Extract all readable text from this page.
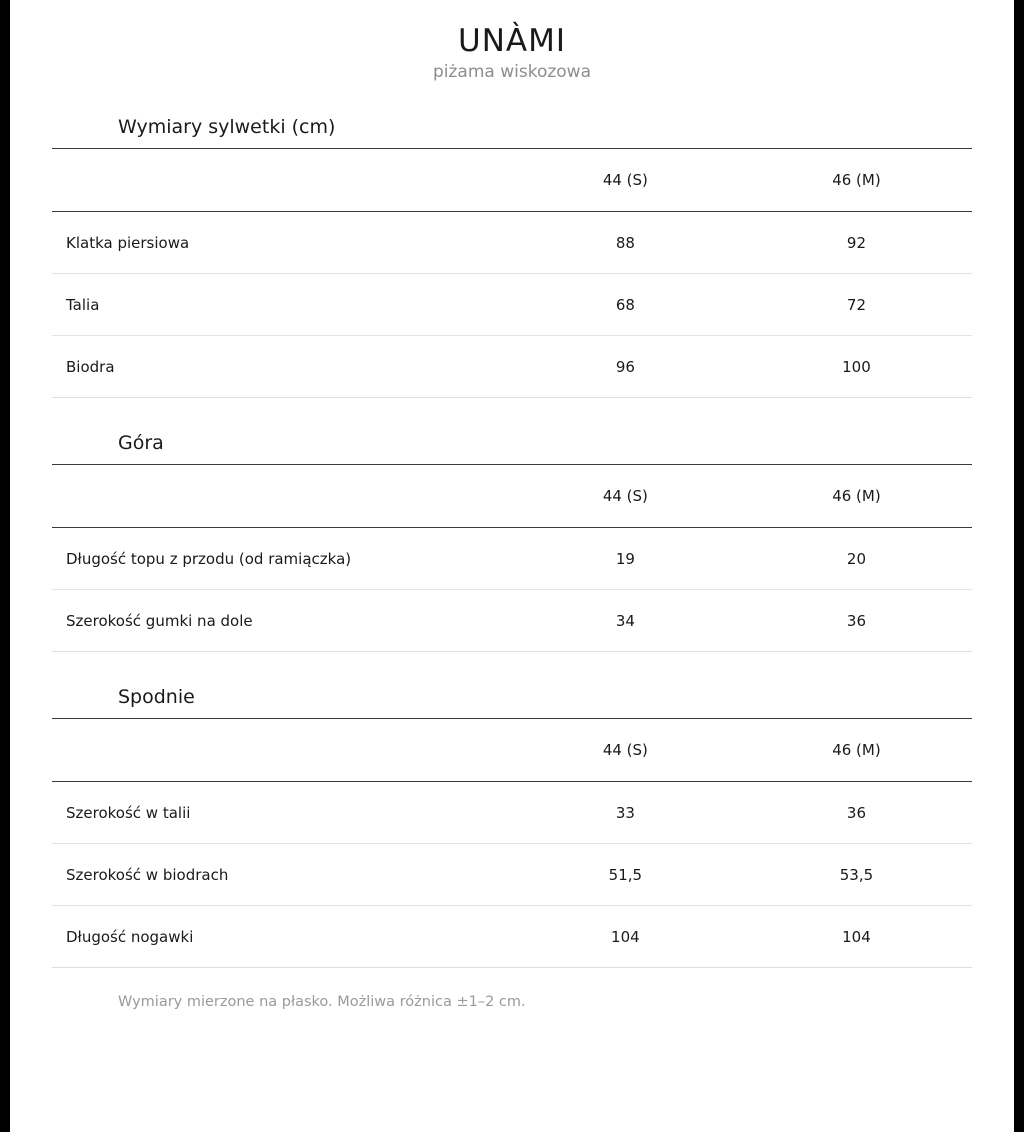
UNÀMI
piżama wiskozowa
Wymiary sylwetki (cm)
	44 (S)	46 (M)
Klatka piersiowa	88	92
Talia	68	72
Biodra	96	100
Góra
	44 (S)	46 (M)
Długość topu z przodu (od ramiączka)	19	20
Szerokość gumki na dole	34	36
Spodnie
	44 (S)	46 (M)
Szerokość w talii	33	36
Szerokość w biodrach	51,5	53,5
Długość nogawki	104	104
Wymiary mierzone na płasko. Możliwa różnica ±1–2 cm.
